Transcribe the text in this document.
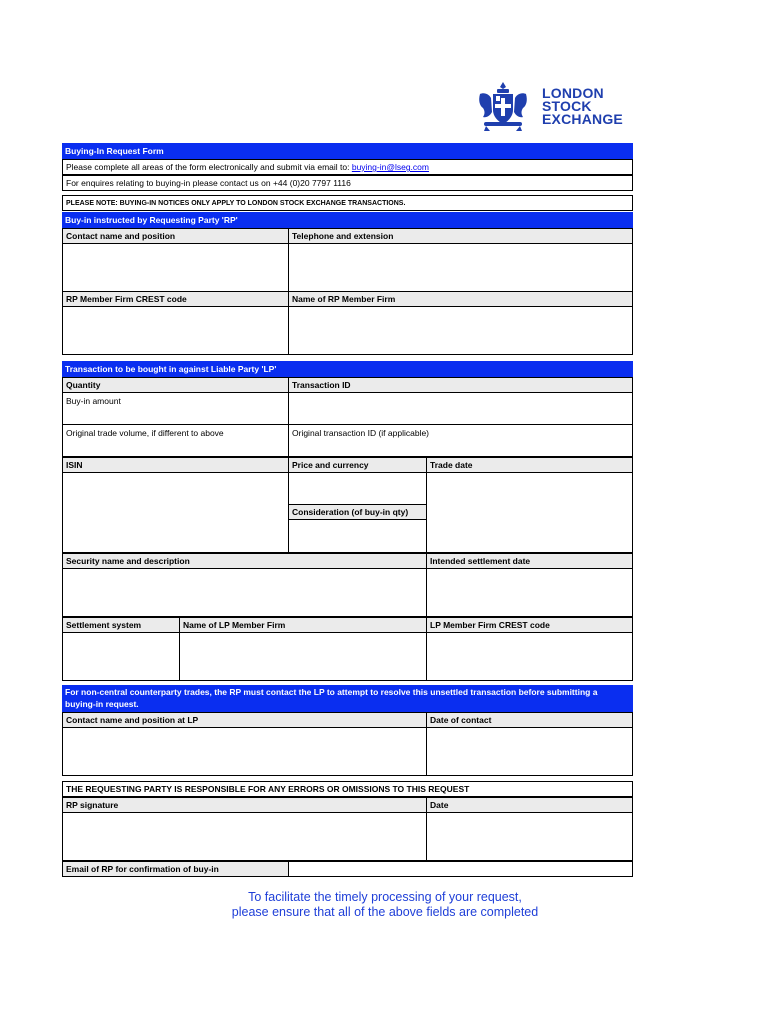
LONDON
STOCK
EXCHANGE
Buying-In Request Form
Please complete all areas of the form electronically and submit via email to: buying-in@lseg.com
For enquires relating to buying-in please contact us on +44 (0)20 7797 1116
PLEASE NOTE: BUYING-IN NOTICES ONLY APPLY TO LONDON STOCK EXCHANGE TRANSACTIONS.
Buy-in instructed by Requesting Party 'RP'
Contact name and position	Telephone and extension
RP Member Firm CREST code	Name of RP Member Firm
Transaction to be bought in against Liable Party 'LP'
Quantity	Transaction ID
Buy-in amount
Original trade volume, if different to above	Original transaction ID (if applicable)
ISIN	Price and currency	Trade date
Consideration (of buy-in qty)
Security name and description	Intended settlement date
Settlement system	Name of LP Member Firm	LP Member Firm CREST code
For non-central counterparty trades, the RP must contact the LP to attempt to resolve this unsettled transaction before submitting a buying-in request.
Contact name and position at LP	Date of contact
THE REQUESTING PARTY IS RESPONSIBLE FOR ANY ERRORS OR OMISSIONS TO THIS REQUEST
RP signature	Date
Email of RP for confirmation of buy-in
To facilitate the timely processing of your request,
please ensure that all of the above fields are completed
